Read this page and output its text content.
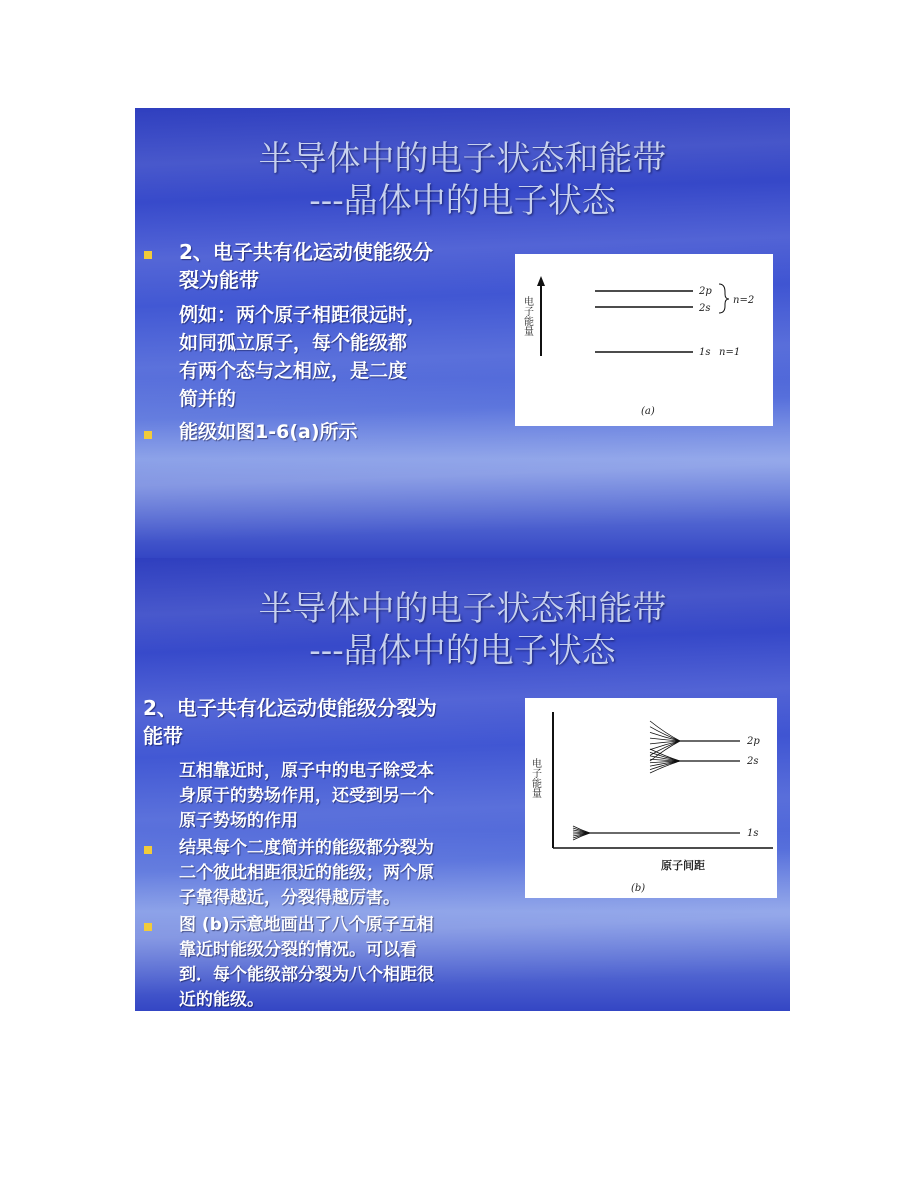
半导体中的电子状态和能带
---晶体中的电子状态
2、电子共有化运动使能级分
裂为能带
例如：两个原子相距很远时，
如同孤立原子，每个能级都
有两个态与之相应，是二度
简并的
能级如图1-6(a)所示
电子能量
2p
2s
1s
n=2
n=1
(a)
半导体中的电子状态和能带
---晶体中的电子状态
2、电子共有化运动使能级分裂为
能带
互相靠近时，原子中的电子除受本
身原于的势场作用，还受到另一个
原子势场的作用
结果每个二度简并的能级都分裂为
二个彼此相距很近的能级；两个原
子靠得越近，分裂得越厉害。
图 (b)示意地画出了八个原子互相
靠近时能级分裂的情况。可以看
到．每个能级部分裂为八个相距很
近的能级。
电子能量
2p
2s
1s
原子间距
(b)
